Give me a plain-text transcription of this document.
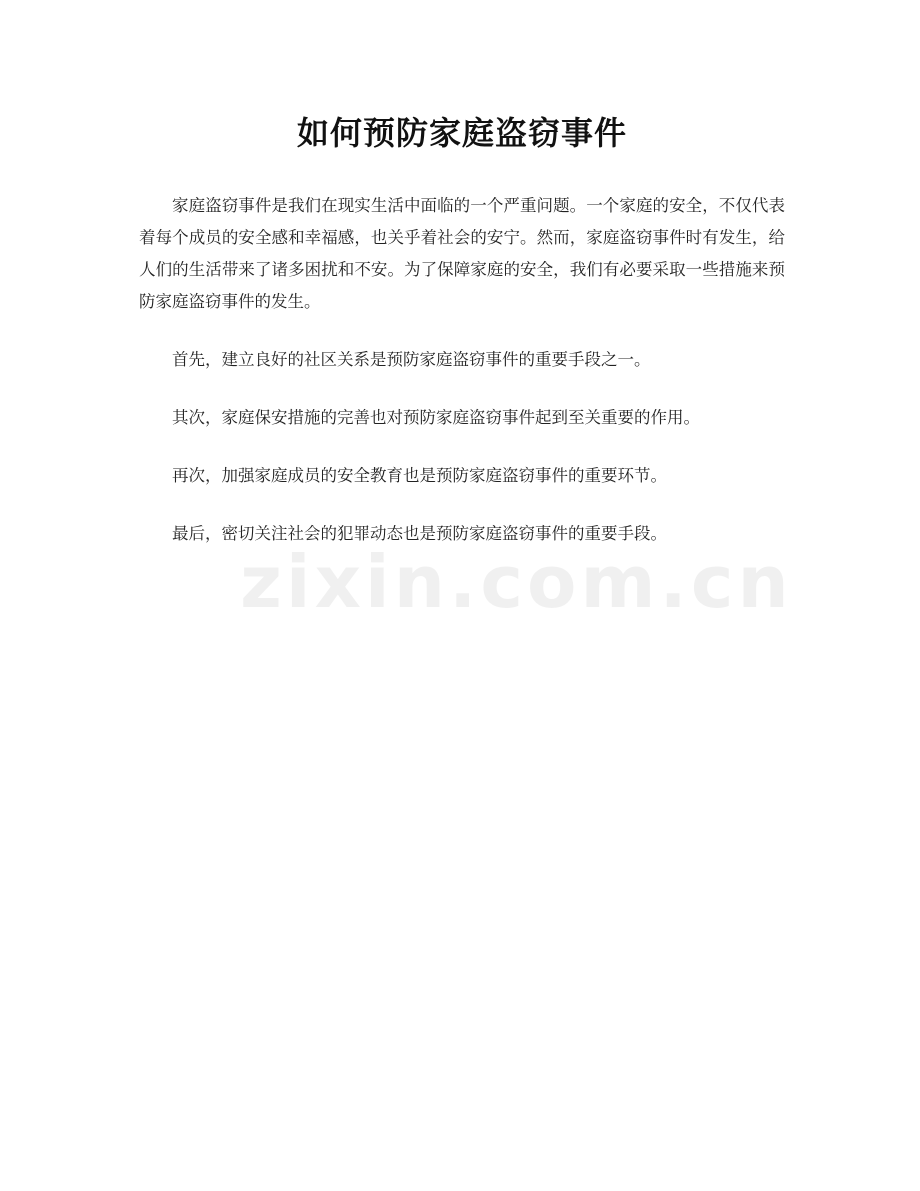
zixin.com.cn
如何预防家庭盗窃事件

家庭盗窃事件是我们在现实生活中面临的一个严重问题。一个家庭的安全，不仅代表着每个成员的安全感和幸福感，也关乎着社会的安宁。然而，家庭盗窃事件时有发生，给人们的生活带来了诸多困扰和不安。为了保障家庭的安全，我们有必要采取一些措施来预防家庭盗窃事件的发生。

首先，建立良好的社区关系是预防家庭盗窃事件的重要手段之一。

其次，家庭保安措施的完善也对预防家庭盗窃事件起到至关重要的作用。

再次，加强家庭成员的安全教育也是预防家庭盗窃事件的重要环节。

最后，密切关注社会的犯罪动态也是预防家庭盗窃事件的重要手段。
